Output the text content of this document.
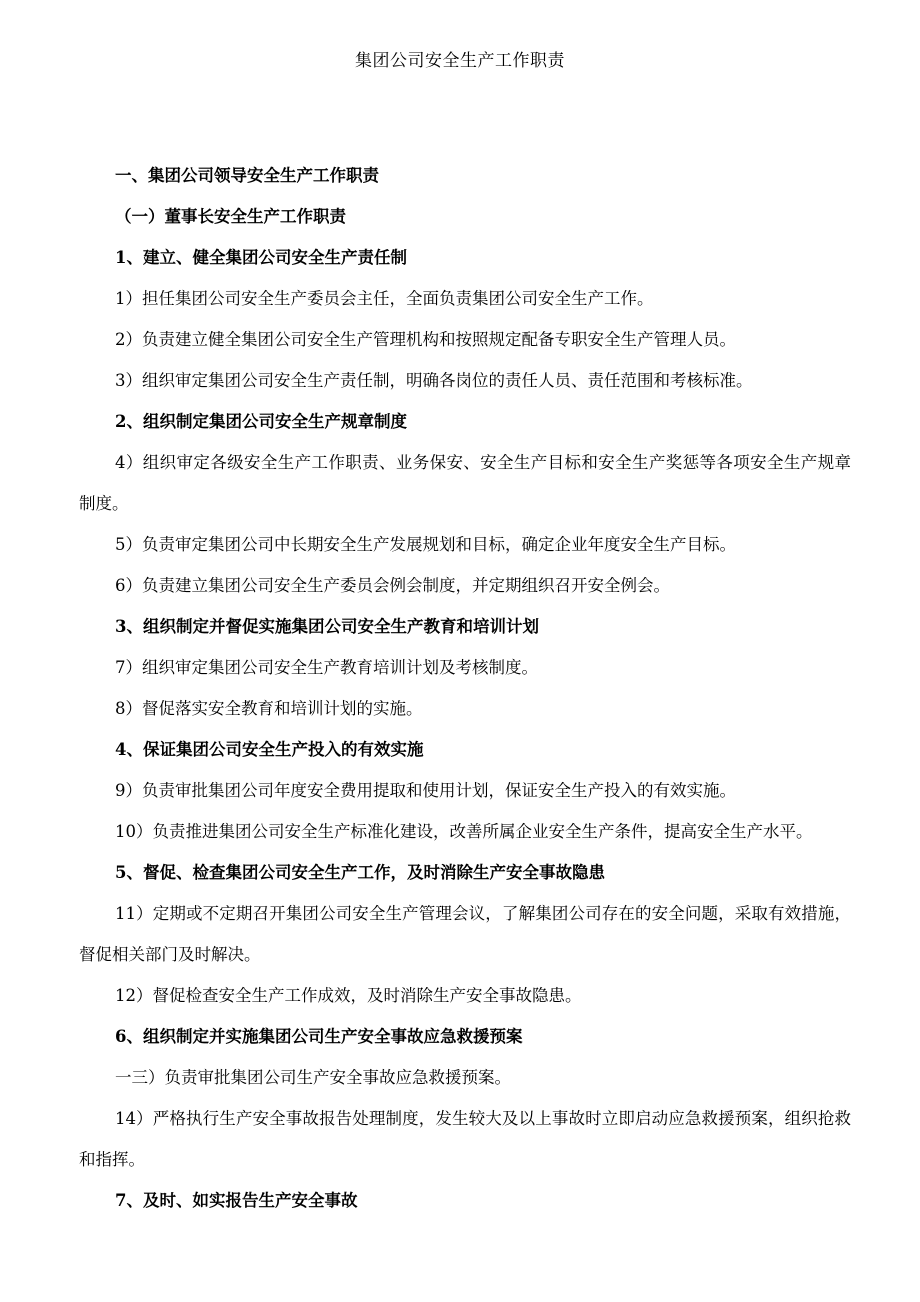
集团公司安全生产工作职责

一、集团公司领导安全生产工作职责

（一）董事长安全生产工作职责

1、建立、健全集团公司安全生产责任制

1）担任集团公司安全生产委员会主任，全面负责集团公司安全生产工作。

2）负责建立健全集团公司安全生产管理机构和按照规定配备专职安全生产管理人员。

3）组织审定集团公司安全生产责任制，明确各岗位的责任人员、责任范围和考核标准。

2、组织制定集团公司安全生产规章制度

4）组织审定各级安全生产工作职责、业务保安、安全生产目标和安全生产奖惩等各项安全生产规章制度。

5）负责审定集团公司中长期安全生产发展规划和目标，确定企业年度安全生产目标。

6）负责建立集团公司安全生产委员会例会制度，并定期组织召开安全例会。

3、组织制定并督促实施集团公司安全生产教育和培训计划

7）组织审定集团公司安全生产教育培训计划及考核制度。

8）督促落实安全教育和培训计划的实施。

4、保证集团公司安全生产投入的有效实施

9）负责审批集团公司年度安全费用提取和使用计划，保证安全生产投入的有效实施。

10）负责推进集团公司安全生产标准化建设，改善所属企业安全生产条件，提高安全生产水平。

5、督促、检查集团公司安全生产工作，及时消除生产安全事故隐患

11）定期或不定期召开集团公司安全生产管理会议，了解集团公司存在的安全问题，采取有效措施，督促相关部门及时解决。

12）督促检查安全生产工作成效，及时消除生产安全事故隐患。

6、组织制定并实施集团公司生产安全事故应急救援预案

一三）负责审批集团公司生产安全事故应急救援预案。

14）严格执行生产安全事故报告处理制度，发生较大及以上事故时立即启动应急救援预案，组织抢救和指挥。

7、及时、如实报告生产安全事故
